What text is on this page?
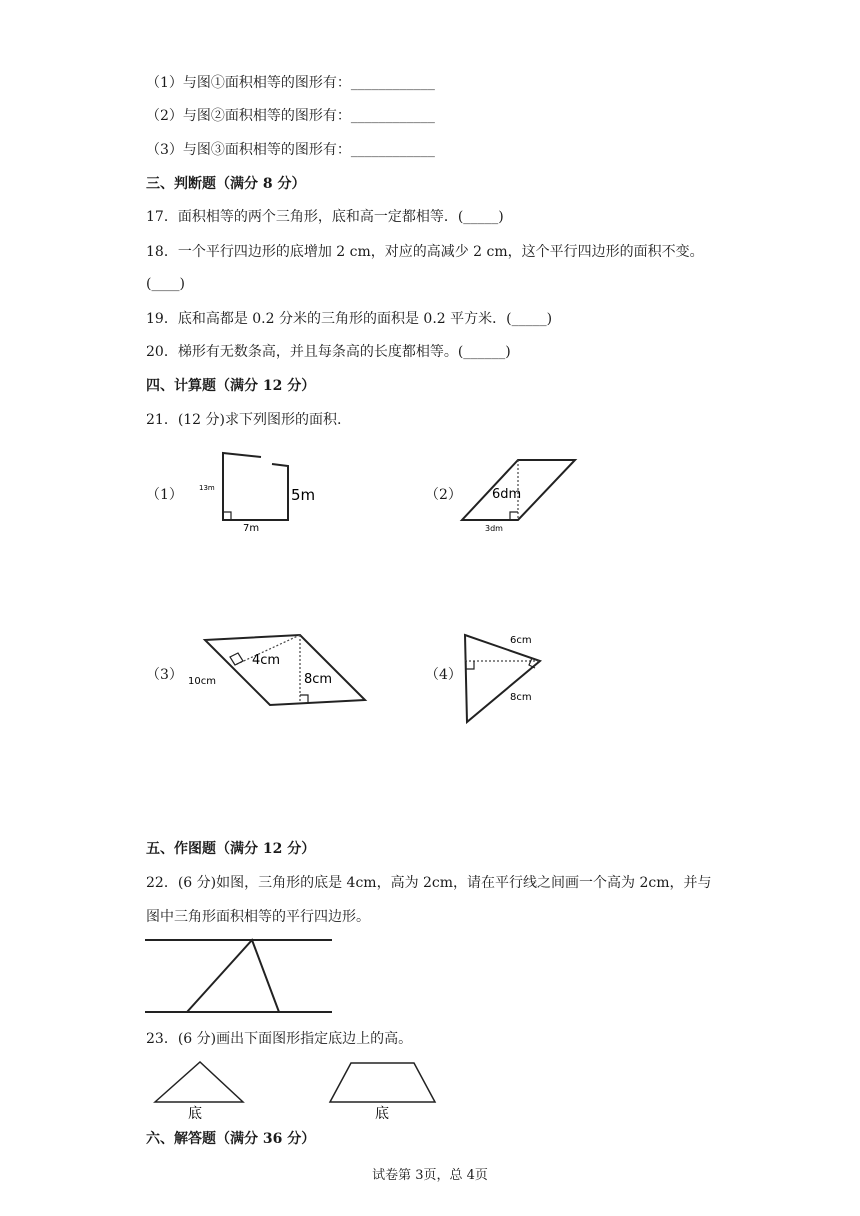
（1）与图①面积相等的图形有：____________
（2）与图②面积相等的图形有：____________
（3）与图③面积相等的图形有：____________
三、判断题（满分 8 分）
17．面积相等的两个三角形，底和高一定都相等．(_____)
18．一个平行四边形的底增加 2 cm，对应的高减少 2 cm，这个平行四边形的面积不变。
(____)
19．底和高都是 0.2 分米的三角形的面积是 0.2 平方米．(_____)
20．梯形有无数条高，并且每条高的长度都相等。(______)
四、计算题（满分 12 分）
21．(12 分)求下列图形的面积.
（1） 13m	5m
7m
（2） 6dm
3dm
（3）
4cm
8cm
10cm	（4）
6cm
8cm
五、作图题（满分 12 分）
22．(6 分)如图，三角形的底是 4cm，高为 2cm，请在平行线之间画一个高为 2cm，并与
图中三角形面积相等的平行四边形。
23．(6 分)画出下面图形指定底边上的高。
底	底
六、解答题（满分 36 分）
试卷第 3页，总 4页
